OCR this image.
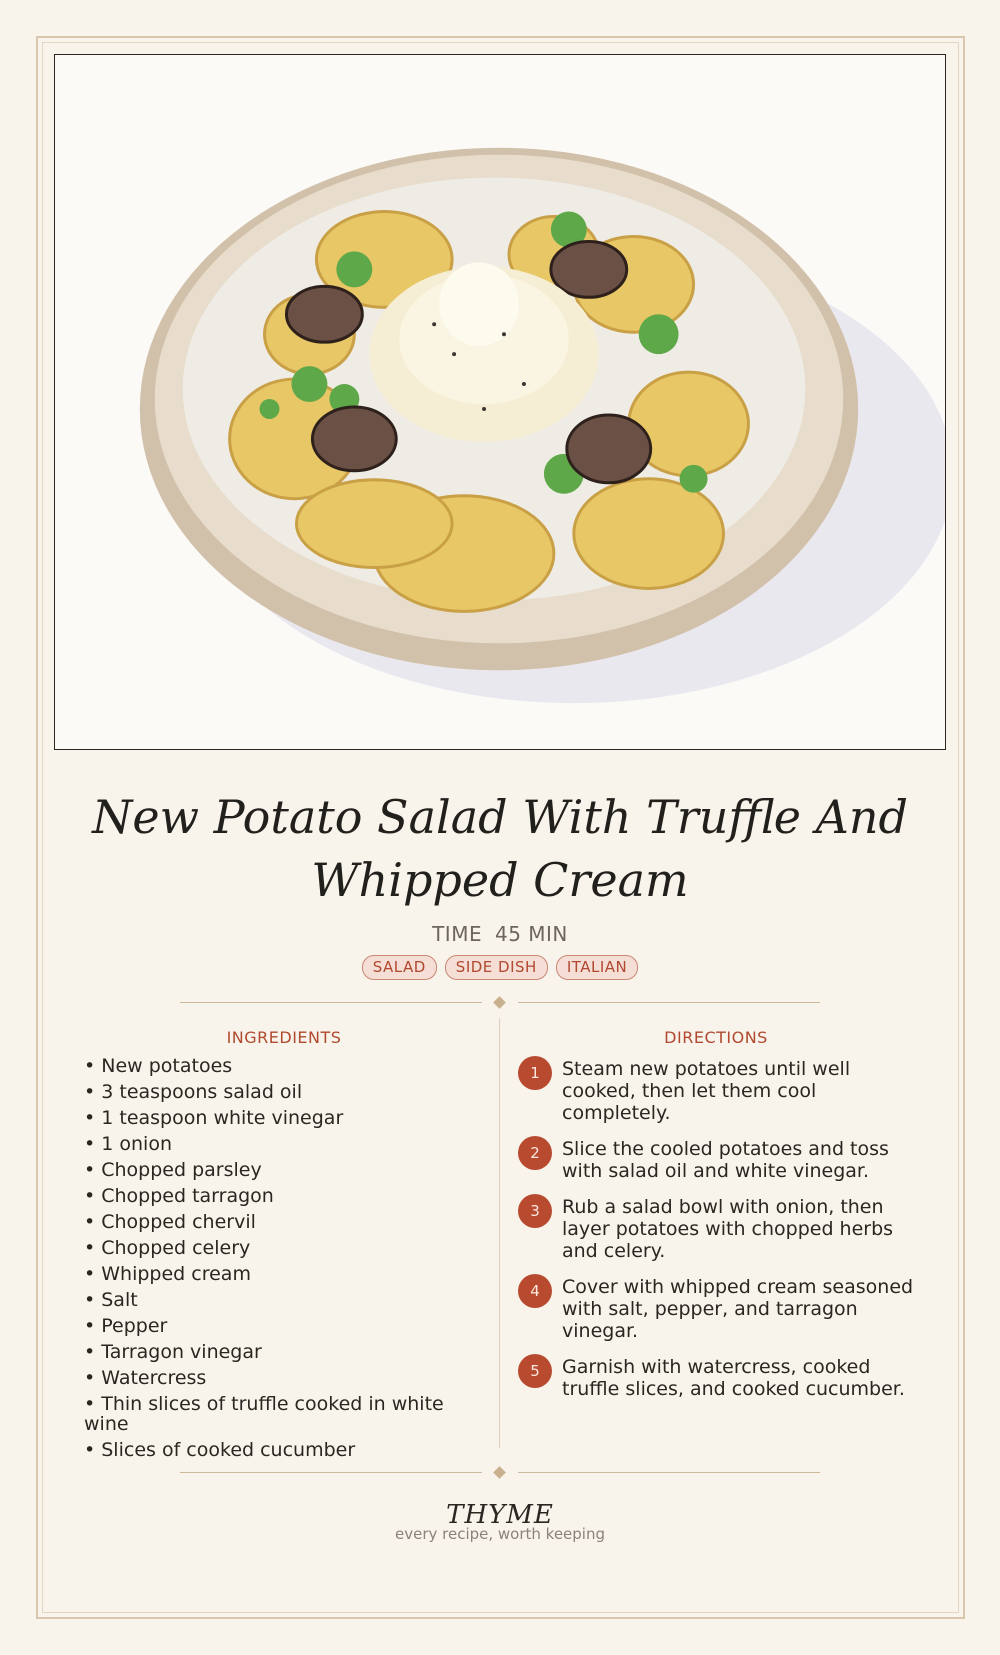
New Potato Salad With Truffle And Whipped Cream
TIME 45 MIN
SALAD	SIDE DISH	ITALIAN
INGREDIENTS	DIRECTIONS
• New potatoes
• 3 teaspoons salad oil
• 1 teaspoon white vinegar
• 1 onion
• Chopped parsley
• Chopped tarragon
• Chopped chervil
• Chopped celery
• Whipped cream
• Salt
• Pepper
• Tarragon vinegar
• Watercress
• Thin slices of truffle cooked in white wine
• Slices of cooked cucumber
1	Steam new potatoes until well cooked, then let them cool completely.
2	Slice the cooled potatoes and toss with salad oil and white vinegar.
3	Rub a salad bowl with onion, then layer potatoes with chopped herbs and celery.
4	Cover with whipped cream seasoned with salt, pepper, and tarragon vinegar.
5	Garnish with watercress, cooked truffle slices, and cooked cucumber.
THYME
every recipe, worth keeping
